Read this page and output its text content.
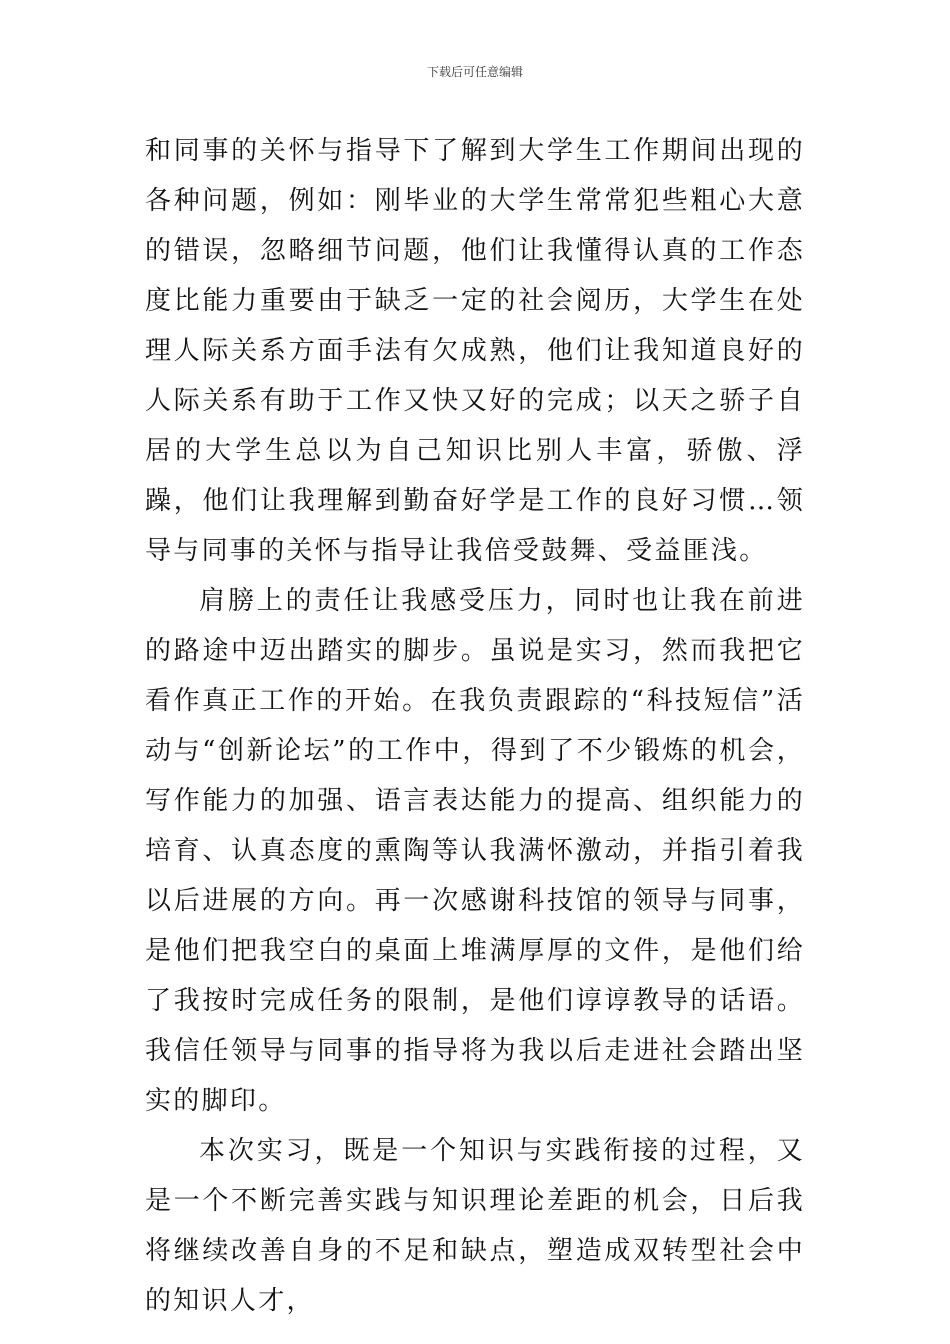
下载后可任意编辑

和同事的关怀与指导下了解到大学生工作期间出现的各种问题，例如：刚毕业的大学生常常犯些粗心大意的错误，忽略细节问题，他们让我懂得认真的工作态度比能力重要由于缺乏一定的社会阅历，大学生在处理人际关系方面手法有欠成熟，他们让我知道良好的人际关系有助于工作又快又好的完成；以天之骄子自居的大学生总以为自己知识比别人丰富，骄傲、浮躁，他们让我理解到勤奋好学是工作的良好习惯…领导与同事的关怀与指导让我倍受鼓舞、受益匪浅。

肩膀上的责任让我感受压力，同时也让我在前进的路途中迈出踏实的脚步。虽说是实习，然而我把它看作真正工作的开始。在我负责跟踪的“科技短信”活动与“创新论坛”的工作中，得到了不少锻炼的机会，写作能力的加强、语言表达能力的提高、组织能力的培育、认真态度的熏陶等认我满怀激动，并指引着我以后进展的方向。再一次感谢科技馆的领导与同事，是他们把我空白的桌面上堆满厚厚的文件，是他们给了我按时完成任务的限制，是他们谆谆教导的话语。我信任领导与同事的指导将为我以后走进社会踏出坚实的脚印。

本次实习，既是一个知识与实践衔接的过程，又是一个不断完善实践与知识理论差距的机会，日后我将继续改善自身的不足和缺点，塑造成双转型社会中的知识人才，
